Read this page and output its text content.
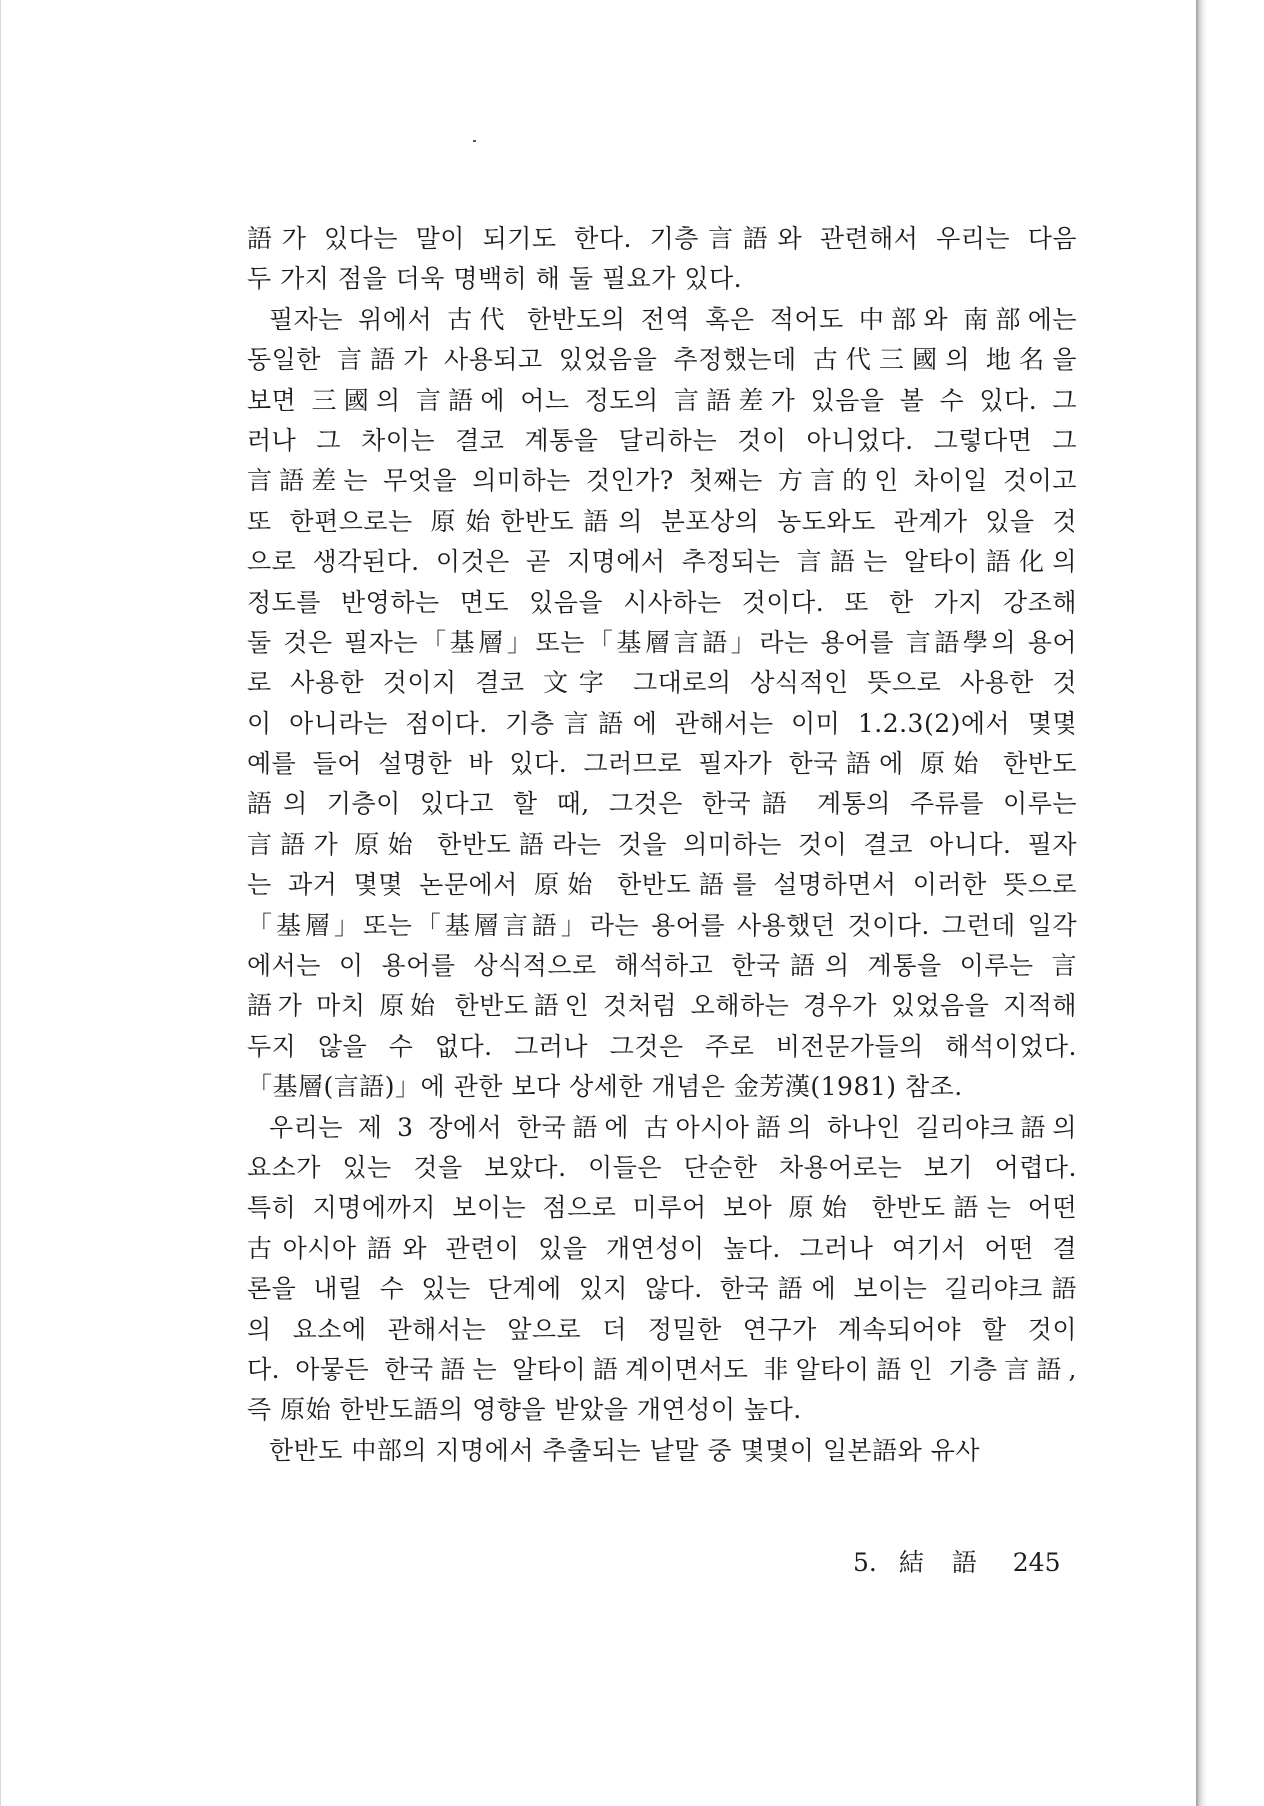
語가 있다는 말이 되기도 한다. 기층言語와 관련해서 우리는 다음
두 가지 점을 더욱 명백히 해 둘 필요가 있다.
필자는 위에서 古代 한반도의 전역 혹은 적어도 中部와 南部에는
동일한 言語가 사용되고 있었음을 추정했는데 古代三國의 地名을
보면 三國의 言語에 어느 정도의 言語差가 있음을 볼 수 있다. 그
러나 그 차이는 결코 계통을 달리하는 것이 아니었다. 그렇다면 그
言語差는 무엇을 의미하는 것인가? 첫째는 方言的인 차이일 것이고
또 한편으로는 原始한반도語의 분포상의 농도와도 관계가 있을 것
으로 생각된다. 이것은 곧 지명에서 추정되는 言語는 알타이語化의
정도를 반영하는 면도 있음을 시사하는 것이다. 또 한 가지 강조해
둘 것은 필자는「基層」또는「基層言語」라는 용어를 言語學의 용어
로 사용한 것이지 결코 文字 그대로의 상식적인 뜻으로 사용한 것
이 아니라는 점이다. 기층言語에 관해서는 이미 1.2.3(2)에서 몇몇
예를 들어 설명한 바 있다. 그러므로 필자가 한국語에 原始 한반도
語의 기층이 있다고 할 때, 그것은 한국語 계통의 주류를 이루는
言語가 原始 한반도語라는 것을 의미하는 것이 결코 아니다. 필자
는 과거 몇몇 논문에서 原始 한반도語를 설명하면서 이러한 뜻으로
「基層」또는「基層言語」라는 용어를 사용했던 것이다. 그런데 일각
에서는 이 용어를 상식적으로 해석하고 한국語의 계통을 이루는 言
語가 마치 原始 한반도語인 것처럼 오해하는 경우가 있었음을 지적해
두지 않을 수 없다. 그러나 그것은 주로 비전문가들의 해석이었다.
「基層(言語)」에 관한 보다 상세한 개념은 金芳漢(1981) 참조.
우리는 제 3 장에서 한국語에 古아시아語의 하나인 길리야크語의
요소가 있는 것을 보았다. 이들은 단순한 차용어로는 보기 어렵다.
특히 지명에까지 보이는 점으로 미루어 보아 原始 한반도語는 어떤
古아시아語와 관련이 있을 개연성이 높다. 그러나 여기서 어떤 결
론을 내릴 수 있는 단계에 있지 않다. 한국語에 보이는 길리야크語
의 요소에 관해서는 앞으로 더 정밀한 연구가 계속되어야 할 것이
다. 아뭏든 한국語는 알타이語계이면서도 非알타이語인 기층言語,
즉 原始 한반도語의 영향을 받았을 개연성이 높다.
한반도 中部의 지명에서 추출되는 낱말 중 몇몇이 일본語와 유사
5. 結語 245
